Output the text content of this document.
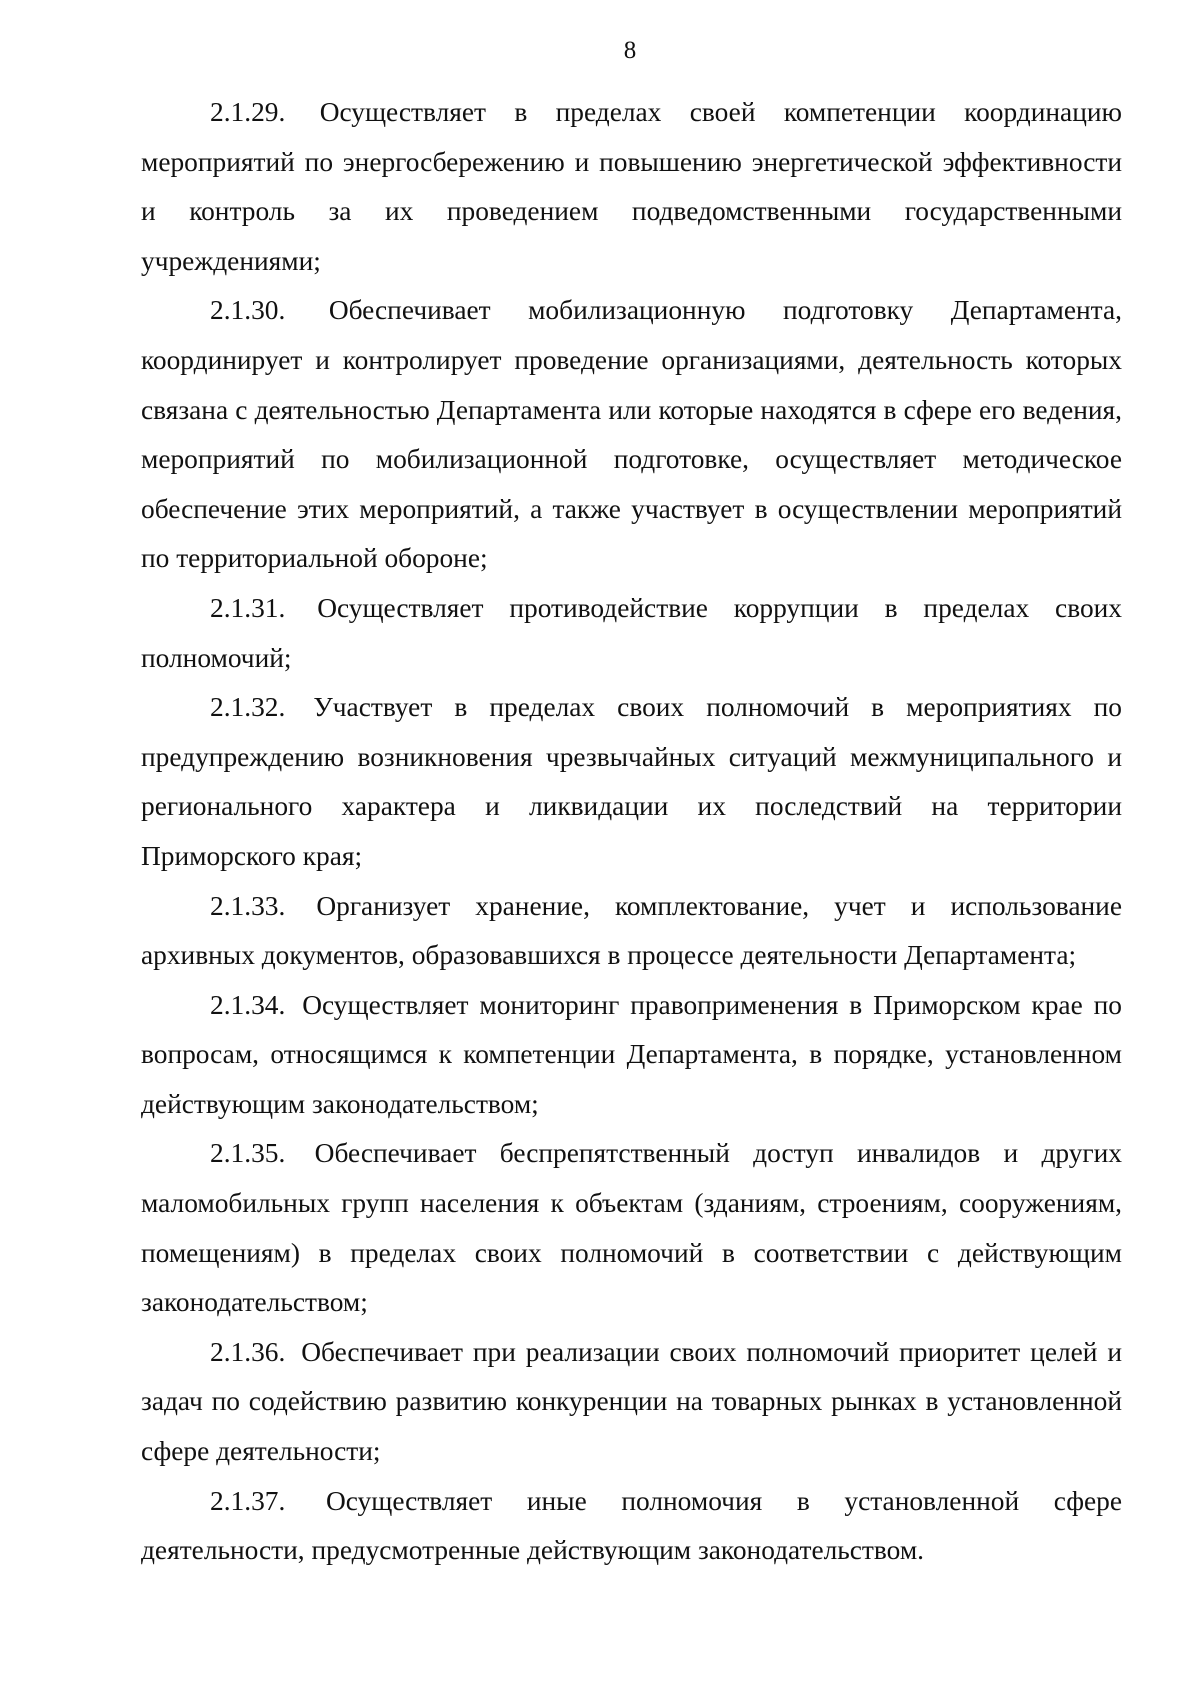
8

2.1.29. Осуществляет в пределах своей компетенции координацию мероприятий по энергосбережению и повышению энергетической эффективности и контроль за их проведением подведомственными государственными учреждениями;

2.1.30. Обеспечивает мобилизационную подготовку Департамента, координирует и контролирует проведение организациями, деятельность которых связана с деятельностью Департамента или которые находятся в сфере его ведения, мероприятий по мобилизационной подготовке, осуществляет методическое обеспечение этих мероприятий, а также участвует в осуществлении мероприятий по территориальной обороне;

2.1.31. Осуществляет противодействие коррупции в пределах своих полномочий;

2.1.32. Участвует в пределах своих полномочий в мероприятиях по предупреждению возникновения чрезвычайных ситуаций межмуниципального и регионального характера и ликвидации их последствий на территории Приморского края;

2.1.33. Организует хранение, комплектование, учет и использование архивных документов, образовавшихся в процессе деятельности Департамента;

2.1.34. Осуществляет мониторинг правоприменения в Приморском крае по вопросам, относящимся к компетенции Департамента, в порядке, установленном действующим законодательством;

2.1.35. Обеспечивает беспрепятственный доступ инвалидов и других маломобильных групп населения к объектам (зданиям, строениям, сооружениям, помещениям) в пределах своих полномочий в соответствии с действующим законодательством;

2.1.36. Обеспечивает при реализации своих полномочий приоритет целей и задач по содействию развитию конкуренции на товарных рынках в установленной сфере деятельности;

2.1.37. Осуществляет иные полномочия в установленной сфере деятельности, предусмотренные действующим законодательством.
